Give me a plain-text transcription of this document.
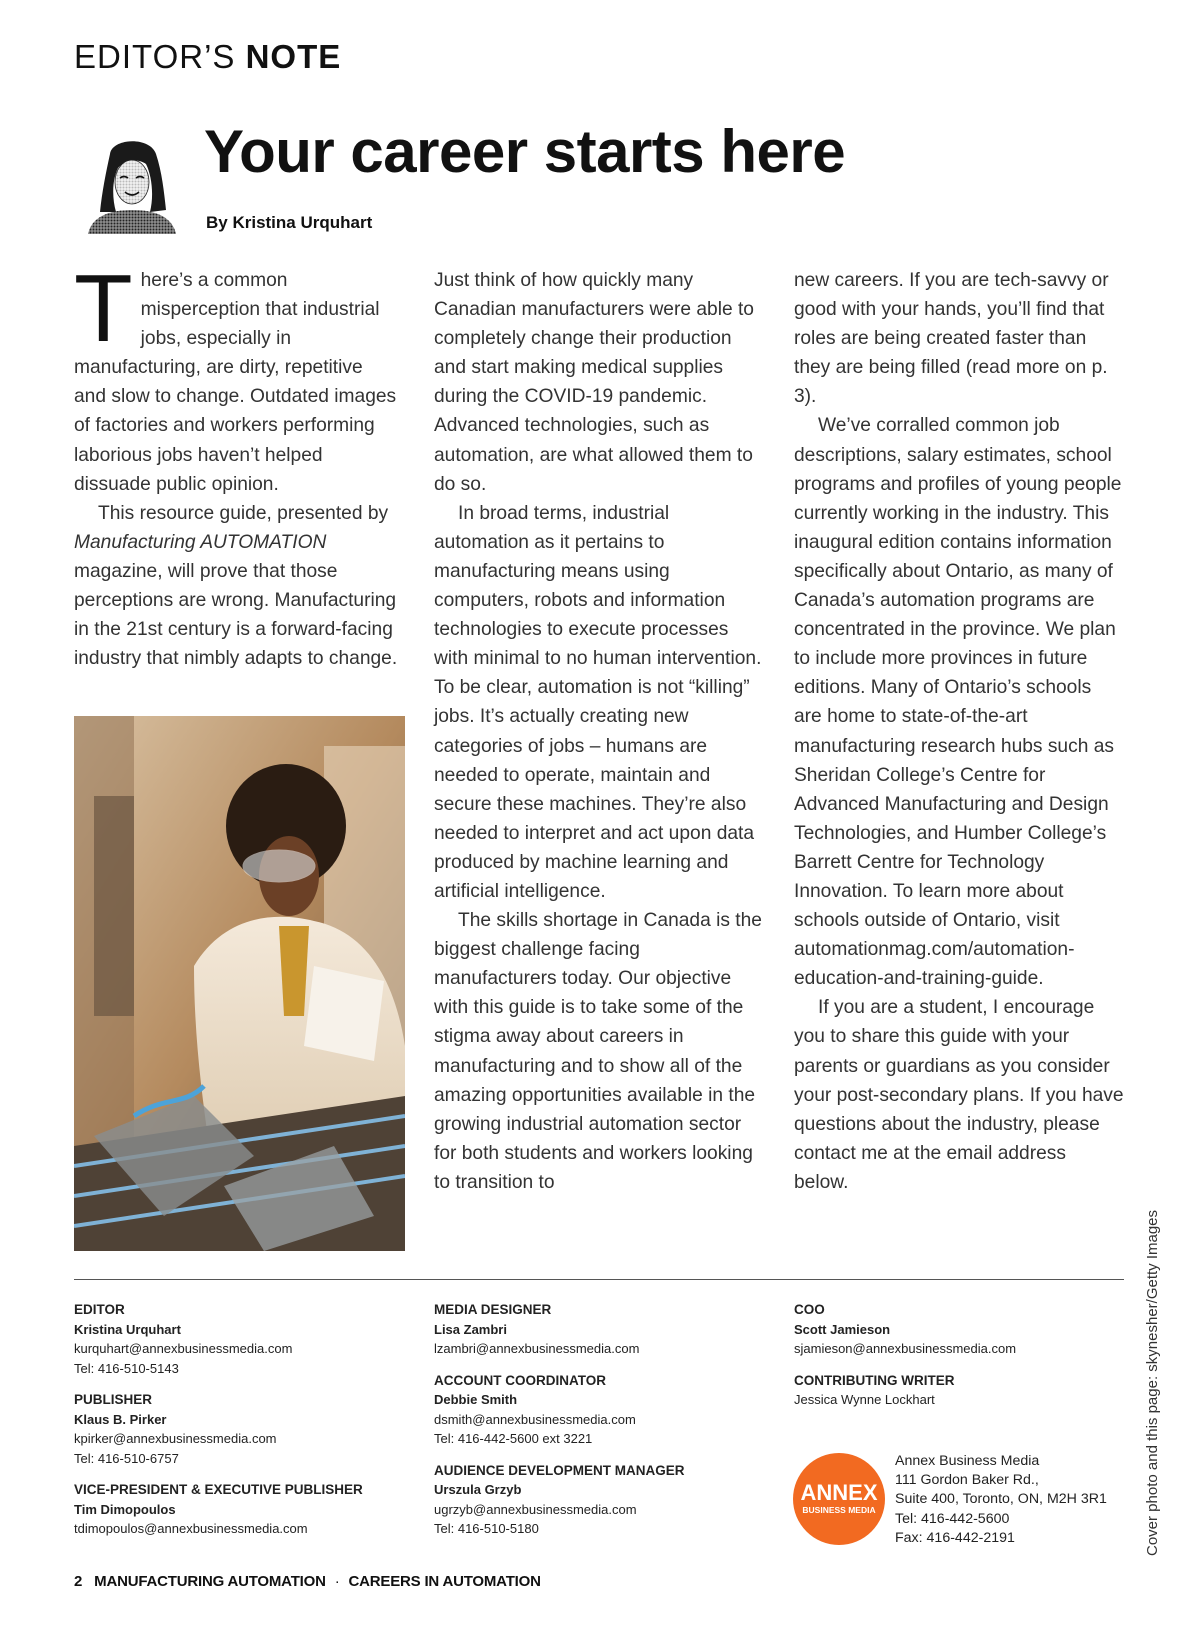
EDITOR’S NOTE
Your career starts here
By Kristina Urquhart

There’s a common misperception that industrial jobs, especially in manufacturing, are dirty, repetitive and slow to change. Outdated images of factories and workers performing laborious jobs haven’t helped dissuade public opinion.

This resource guide, presented by Manufacturing AUTOMATION magazine, will prove that those perceptions are wrong. Manufacturing in the 21st century is a forward-facing industry that nimbly adapts to change.

Just think of how quickly many Canadian manufacturers were able to completely change their production and start making medical supplies during the COVID-19 pandemic. Advanced technologies, such as automation, are what allowed them to do so.

In broad terms, industrial automation as it pertains to manufacturing means using computers, robots and information technologies to execute processes with minimal to no human intervention. To be clear, automation is not “killing” jobs. It’s actually creating new categories of jobs – humans are needed to operate, maintain and secure these machines. They’re also needed to interpret and act upon data produced by machine learning and artificial intelligence.

The skills shortage in Canada is the biggest challenge facing manufacturers today. Our objective with this guide is to take some of the stigma away about careers in manufacturing and to show all of the amazing opportunities available in the growing industrial automation sector for both students and workers looking to transition to

new careers. If you are tech-savvy or good with your hands, you’ll find that roles are being created faster than they are being filled (read more on p. 3).

We’ve corralled common job descriptions, salary estimates, school programs and profiles of young people currently working in the industry. This inaugural edition contains information specifically about Ontario, as many of Canada’s automation programs are concentrated in the province. We plan to include more provinces in future editions. Many of Ontario’s schools are home to state-of-the-art manufacturing research hubs such as Sheridan College’s Centre for Advanced Manufacturing and Design Technologies, and Humber College’s Barrett Centre for Technology Innovation. To learn more about schools outside of Ontario, visit automationmag.com/automation-education-and-training-guide.

If you are a student, I encourage you to share this guide with your parents or guardians as you consider your post-secondary plans. If you have questions about the industry, please contact me at the email address below.

EDITOR
Kristina Urquhart
kurquhart@annexbusinessmedia.com
Tel: 416-510-5143
PUBLISHER
Klaus B. Pirker
kpirker@annexbusinessmedia.com
Tel: 416-510-6757
VICE-PRESIDENT & EXECUTIVE PUBLISHER
Tim Dimopoulos
tdimopoulos@annexbusinessmedia.com
MEDIA DESIGNER
Lisa Zambri
lzambri@annexbusinessmedia.com
ACCOUNT COORDINATOR
Debbie Smith
dsmith@annexbusinessmedia.com
Tel: 416-442-5600 ext 3221
AUDIENCE DEVELOPMENT MANAGER
Urszula Grzyb
ugrzyb@annexbusinessmedia.com
Tel: 416-510-5180
COO
Scott Jamieson
sjamieson@annexbusinessmedia.com
CONTRIBUTING WRITER
Jessica Wynne Lockhart
ANNEX
BUSINESS MEDIA
Annex Business Media
111 Gordon Baker Rd.,
Suite 400, Toronto, ON, M2H 3R1
Tel: 416-442-5600
Fax: 416-442-2191	Cover photo and this page: skynesher/Getty Images
2 MANUFACTURING AUTOMATION · CAREERS IN AUTOMATION
